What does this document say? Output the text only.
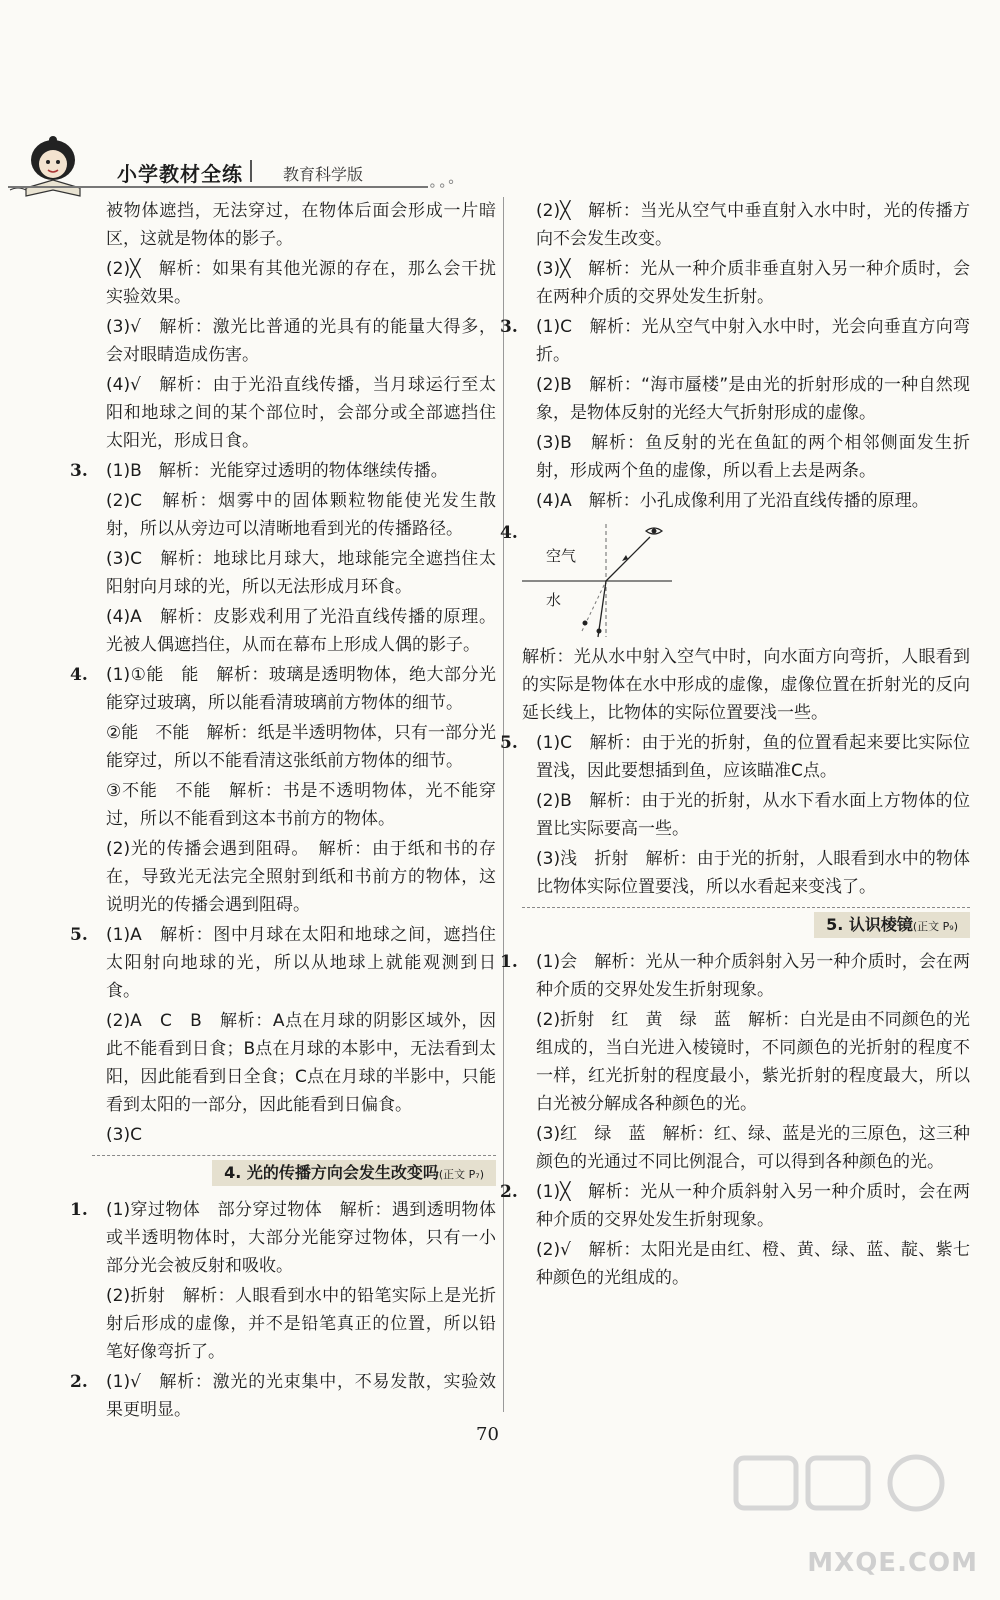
小学教材全练	教育科学版
∘∘°

被物体遮挡，无法穿过，在物体后面会形成一片暗区，这就是物体的影子。

(2)╳　解析：如果有其他光源的存在，那么会干扰实验效果。

(3)√　解析：激光比普通的光具有的能量大得多，会对眼睛造成伤害。

(4)√　解析：由于光沿直线传播，当月球运行至太阳和地球之间的某个部位时，会部分或全部遮挡住太阳光，形成日食。

3. (1)B　解析：光能穿过透明的物体继续传播。

(2)C　解析：烟雾中的固体颗粒物能使光发生散射，所以从旁边可以清晰地看到光的传播路径。

(3)C　解析：地球比月球大，地球能完全遮挡住太阳射向月球的光，所以无法形成月环食。

(4)A　解析：皮影戏利用了光沿直线传播的原理。光被人偶遮挡住，从而在幕布上形成人偶的影子。

4. (1)①能　能　解析：玻璃是透明物体，绝大部分光能穿过玻璃，所以能看清玻璃前方物体的细节。

②能　不能　解析：纸是半透明物体，只有一部分光能穿过，所以不能看清这张纸前方物体的细节。

③不能　不能　解析：书是不透明物体，光不能穿过，所以不能看到这本书前方的物体。

(2)光的传播会遇到阻碍。　解析：由于纸和书的存在，导致光无法完全照射到纸和书前方的物体，这说明光的传播会遇到阻碍。

5. (1)A　解析：图中月球在太阳和地球之间，遮挡住太阳射向地球的光，所以从地球上就能观测到日食。

(2)A　C　B　解析：A点在月球的阴影区域外，因此不能看到日食；B点在月球的本影中，无法看到太阳，因此能看到日全食；C点在月球的半影中，只能看到太阳的一部分，因此能看到日偏食。

(3)C

4. 光的传播方向会发生改变吗(正文 P₇)
1. (1)穿过物体　部分穿过物体　解析：遇到透明物体或半透明物体时，大部分光能穿过物体，只有一小部分光会被反射和吸收。

(2)折射　解析：人眼看到水中的铅笔实际上是光折射后形成的虚像，并不是铅笔真正的位置，所以铅笔好像弯折了。

2. (1)√　解析：激光的光束集中，不易发散，实验效果更明显。

(2)╳　解析：当光从空气中垂直射入水中时，光的传播方向不会发生改变。

(3)╳　解析：光从一种介质非垂直射入另一种介质时，会在两种介质的交界处发生折射。

3. (1)C　解析：光从空气中射入水中时，光会向垂直方向弯折。

(2)B　解析：“海市蜃楼”是由光的折射形成的一种自然现象，是物体反射的光经大气折射形成的虚像。

(3)B　解析：鱼反射的光在鱼缸的两个相邻侧面发生折射，形成两个鱼的虚像，所以看上去是两条。

(4)A　解析：小孔成像利用了光沿直线传播的原理。

4.
空气
水

解析：光从水中射入空气中时，向水面方向弯折，人眼看到的实际是物体在水中形成的虚像，虚像位置在折射光的反向延长线上，比物体的实际位置要浅一些。

5. (1)C　解析：由于光的折射，鱼的位置看起来要比实际位置浅，因此要想插到鱼，应该瞄准C点。

(2)B　解析：由于光的折射，从水下看水面上方物体的位置比实际要高一些。

(3)浅　折射　解析：由于光的折射，人眼看到水中的物体比物体实际位置要浅，所以水看起来变浅了。

5. 认识棱镜(正文 P₉)
1. (1)会　解析：光从一种介质斜射入另一种介质时，会在两种介质的交界处发生折射现象。

(2)折射　红　黄　绿　蓝　解析：白光是由不同颜色的光组成的，当白光进入棱镜时，不同颜色的光折射的程度不一样，红光折射的程度最小，紫光折射的程度最大，所以白光被分解成各种颜色的光。

(3)红　绿　蓝　解析：红、绿、蓝是光的三原色，这三种颜色的光通过不同比例混合，可以得到各种颜色的光。

2. (1)╳　解析：光从一种介质斜射入另一种介质时，会在两种介质的交界处发生折射现象。

(2)√　解析：太阳光是由红、橙、黄、绿、蓝、靛、紫七种颜色的光组成的。

70
MXQE.COM
